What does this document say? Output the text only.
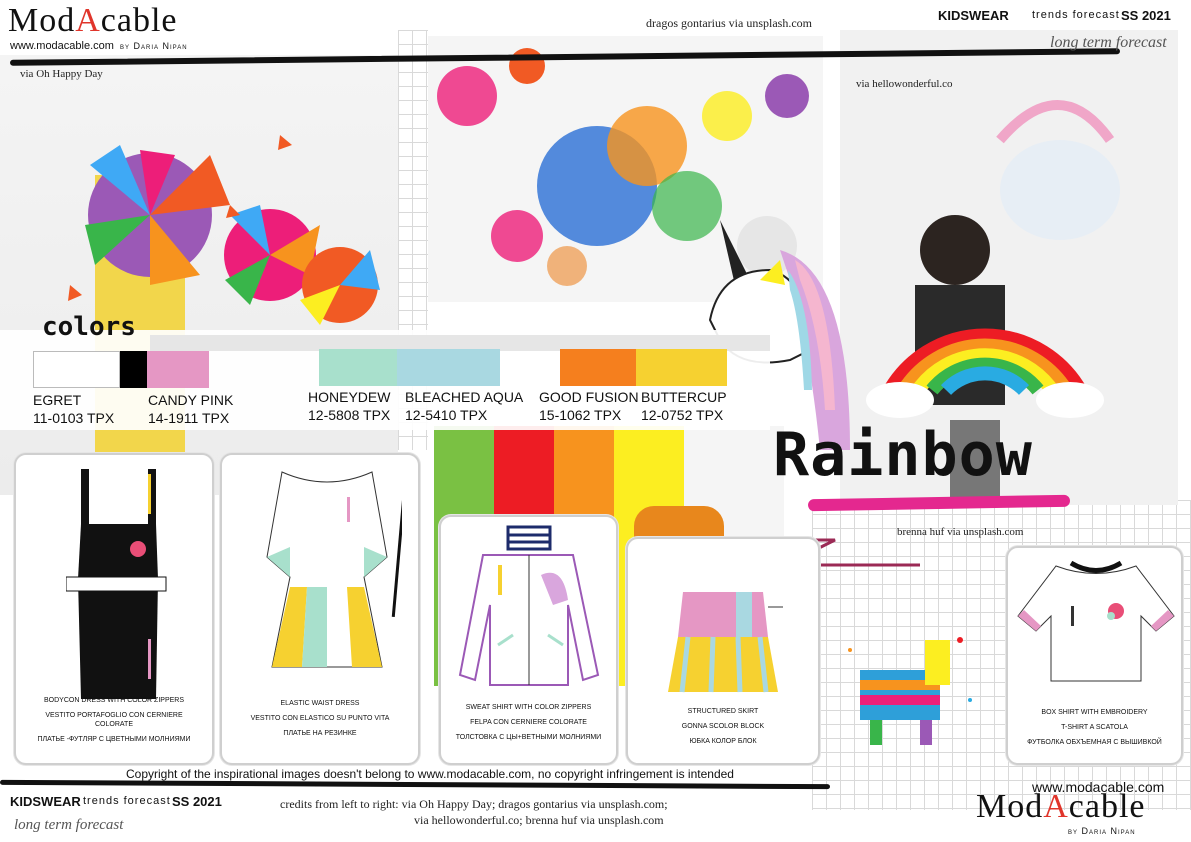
ModAcable
www.modacable.com by Daria Nipan
dragos gontarius via unsplash.com	KIDSWEAR trends forecast SS 2021
long term forecast
via Oh Happy Day
via hellowonderful.co
colors
EGRET
11-0103 TPX
CANDY PINK
14-1911 TPX
HONEYDEW
12-5808 TPX
BLEACHED AQUA
12-5410 TPX
GOOD FUSION
15-1062 TPX
BUTTERCUP
12-0752 TPX
Rainbow
brenna huf via unsplash.com
BODYCON DRESS WITH COLOR ZIPPERS
VESTITO PORTAFOGLIO CON CERNIERE COLORATE
ПЛАТЬЕ -ФУТЛЯР С ЦВЕТНЫМИ МОЛНИЯМИ
ELASTIC WAIST DRESS
VESTITO CON ELASTICO SU PUNTO VITA
ПЛАТЬЕ НА РЕЗИНКЕ
SWEAT SHIRT WITH COLOR ZIPPERS
FELPA CON CERNIERE COLORATE
ТОЛСТОВКА С ЦЫ+ВЕТНЫМИ МОЛНИЯМИ
STRUCTURED SKIRT
GONNA SCOLOR BLOCK
ЮБКА КОЛОР БЛОК
BOX SHIRT WITH EMBROIDERY
T-SHIRT A SCATOLA
ФУТБОЛКА ОБХЪЕМНАЯ С ВЫШИВКОЙ
Copyright of the inspirational images doesn't belong to www.modacable.com, no copyright infringement is intended
KIDSWEAR trends forecast SS 2021
long term forecast
credits from left to right: via Oh Happy Day; dragos gontarius via unsplash.com;
via hellowonderful.co; brenna huf via unsplash.com
www.modacable.com
ModAcable
by Daria Nipan
